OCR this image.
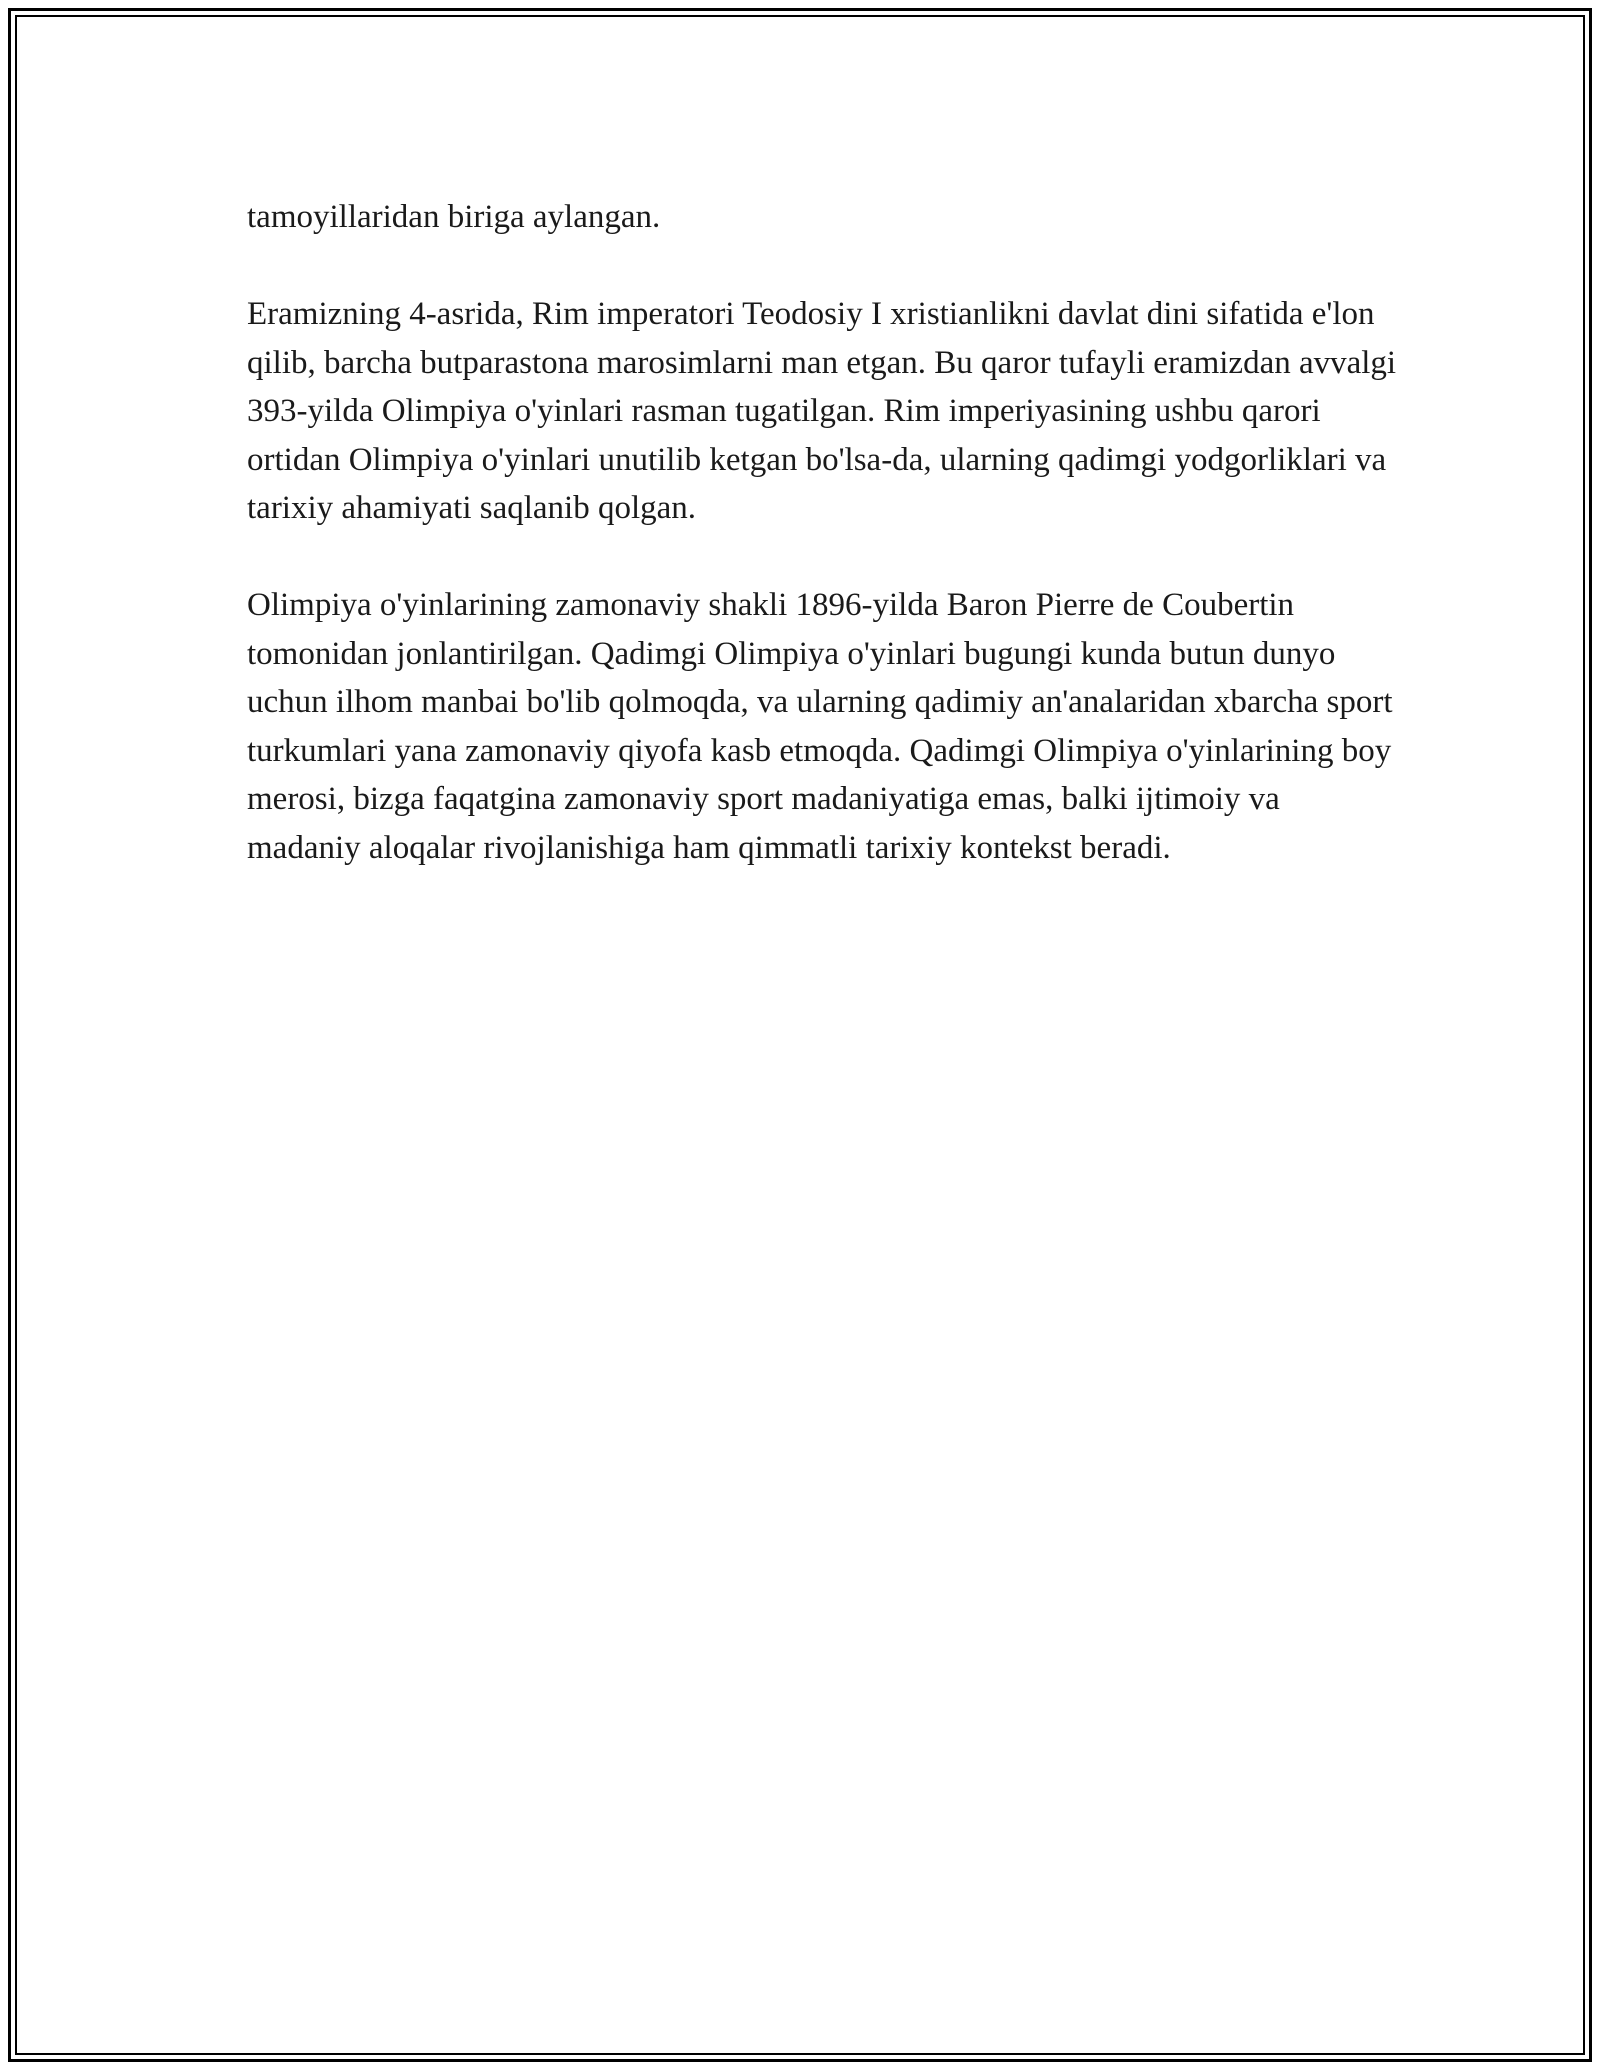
tamoyillaridan biriga aylangan.

Eramizning 4-asrida, Rim imperatori Teodosiy I xristianlikni davlat dini sifatida e'lon qilib, barcha butparastona marosimlarni man etgan. Bu qaror tufayli eramizdan avvalgi 393-yilda Olimpiya o'yinlari rasman tugatilgan. Rim imperiyasining ushbu qarori ortidan Olimpiya o'yinlari unutilib ketgan bo'lsa-da, ularning qadimgi yodgorliklari va tarixiy ahamiyati saqlanib qolgan.

Olimpiya o'yinlarining zamonaviy shakli 1896-yilda Baron Pierre de Coubertin tomonidan jonlantirilgan. Qadimgi Olimpiya o'yinlari bugungi kunda butun dunyo uchun ilhom manbai bo'lib qolmoqda, va ularning qadimiy an'analaridan xbarcha sport turkumlari yana zamonaviy qiyofa kasb etmoqda. Qadimgi Olimpiya o'yinlarining boy merosi, bizga faqatgina zamonaviy sport madaniyatiga emas, balki ijtimoiy va madaniy aloqalar rivojlanishiga ham qimmatli tarixiy kontekst beradi.
